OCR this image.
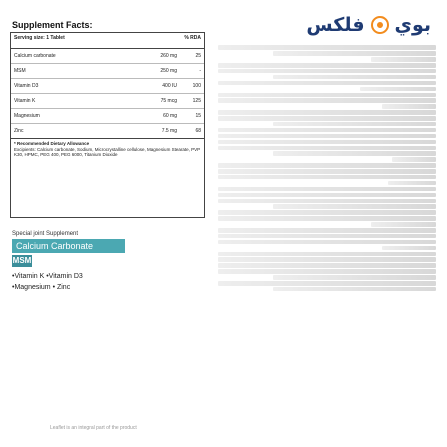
Supplement Facts:
Serving size: 1 Tablet	% RDA
Calcium carbonate	260 mg	25
MSM	250 mg	-
Vitamin D3	400 IU	100
Vitamin K	75 mcg	125
Magnesium	60 mg	15
Zinc	7.5 mg	68
* Recommended Dietary Allowance
Excipients: Calcium carbonate, Sodium, Microcrystalline cellulose, Magnesium Stearate, PVP K30, HPMC, PEG 400, PEG 6000, Titanium Dioxide
Special joint Supplement
Calcium Carbonate
MSM
•Vitamin K •Vitamin D3
•Magnesium • Zinc
فلكس بوي
Leaflet is an integral part of the product
